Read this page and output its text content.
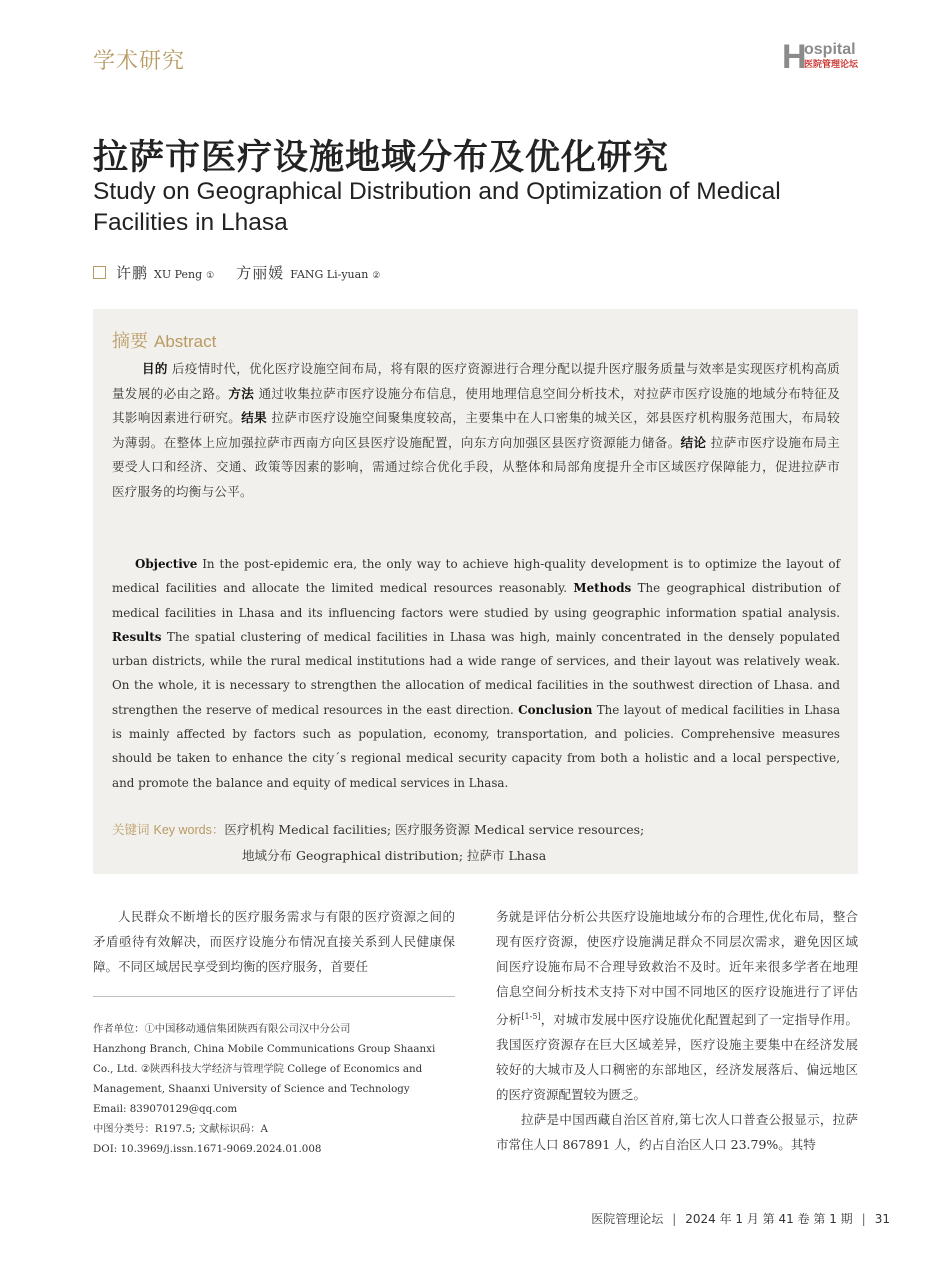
学术研究	H
ospital
医院管理论坛
拉萨市医疗设施地域分布及优化研究
Study on Geographical Distribution and Optimization of Medical Facilities in Lhasa
许鹏 XU Peng ① 方丽媛 FANG Li-yuan ②
摘要 Abstract
目的 后疫情时代，优化医疗设施空间布局，将有限的医疗资源进行合理分配以提升医疗服务质量与效率是实现医疗机构高质量发展的必由之路。方法 通过收集拉萨市医疗设施分布信息，使用地理信息空间分析技术，对拉萨市医疗设施的地域分布特征及其影响因素进行研究。结果 拉萨市医疗设施空间聚集度较高，主要集中在人口密集的城关区，郊县医疗机构服务范围大，布局较为薄弱。在整体上应加强拉萨市西南方向区县医疗设施配置，向东方向加强区县医疗资源能力储备。结论 拉萨市医疗设施布局主要受人口和经济、交通、政策等因素的影响，需通过综合优化手段，从整体和局部角度提升全市区域医疗保障能力，促进拉萨市医疗服务的均衡与公平。
Objective In the post-epidemic era, the only way to achieve high-quality development is to optimize the layout of medical facilities and allocate the limited medical resources reasonably. Methods The geographical distribution of medical facilities in Lhasa and its influencing factors were studied by using geographic information spatial analysis. Results The spatial clustering of medical facilities in Lhasa was high, mainly concentrated in the densely populated urban districts, while the rural medical institutions had a wide range of services, and their layout was relatively weak. On the whole, it is necessary to strengthen the allocation of medical facilities in the southwest direction of Lhasa. and strengthen the reserve of medical resources in the east direction. Conclusion The layout of medical facilities in Lhasa is mainly affected by factors such as population, economy, transportation, and policies. Comprehensive measures should be taken to enhance the city´s regional medical security capacity from both a holistic and a local perspective, and promote the balance and equity of medical services in Lhasa.
关键词 Key words：医疗机构 Medical facilities; 医疗服务资源 Medical service resources;
地域分布 Geographical distribution; 拉萨市 Lhasa
人民群众不断增长的医疗服务需求与有限的医疗资源之间的矛盾亟待有效解决，而医疗设施分布情况直接关系到人民健康保障。不同区域居民享受到均衡的医疗服务，首要任
作者单位：①中国移动通信集团陕西有限公司汉中分公司
Hanzhong Branch, China Mobile Communications Group Shaanxi Co., Ltd. ②陕西科技大学经济与管理学院 College of Economics and Management, Shaanxi University of Science and Technology
Email: 839070129@qq.com
中图分类号：R197.5; 文献标识码：A
DOI: 10.3969/j.issn.1671-9069.2024.01.008

务就是评估分析公共医疗设施地域分布的合理性,优化布局，整合现有医疗资源，使医疗设施满足群众不同层次需求，避免因区域间医疗设施布局不合理导致救治不及时。近年来很多学者在地理信息空间分析技术支持下对中国不同地区的医疗设施进行了评估分析[1-5]，对城市发展中医疗设施优化配置起到了一定指导作用。我国医疗资源存在巨大区域差异，医疗设施主要集中在经济发展较好的大城市及人口稠密的东部地区，经济发展落后、偏远地区的医疗资源配置较为匮乏。

拉萨是中国西藏自治区首府,第七次人口普查公报显示，拉萨市常住人口 867891 人，约占自治区人口 23.79%。其特

医院管理论坛 | 2024 年 1 月 第 41 卷 第 1 期 | 31
